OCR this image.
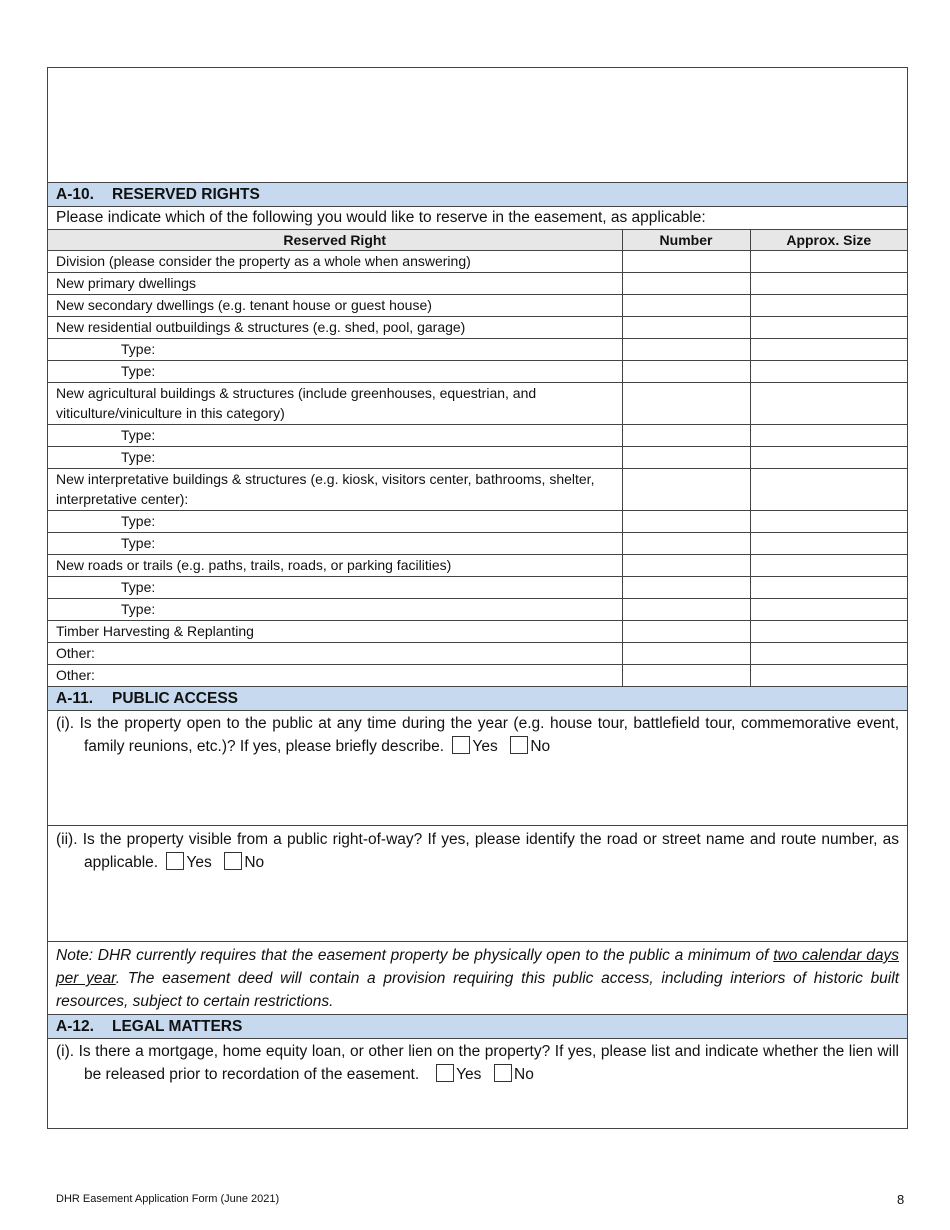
A-10. RESERVED RIGHTS
Please indicate which of the following you would like to reserve in the easement, as applicable:
Reserved Right	Number	Approx. Size
Division (please consider the property as a whole when answering)		
New primary dwellings		
New secondary dwellings (e.g. tenant house or guest house)		
New residential outbuildings & structures (e.g. shed, pool, garage)		
Type:		
Type:		
New agricultural buildings & structures (include greenhouses, equestrian, and viticulture/viniculture in this category)		
Type:		
Type:		
New interpretative buildings & structures (e.g. kiosk, visitors center, bathrooms, shelter, interpretative center):		
Type:		
Type:		
New roads or trails (e.g. paths, trails, roads, or parking facilities)		
Type:		
Type:		
Timber Harvesting & Replanting		
Other:		
Other:		
A-11. PUBLIC ACCESS
(i). Is the property open to the public at any time during the year (e.g. house tour, battlefield tour, commemorative event, family reunions, etc.)? If yes, please briefly describe. Yes No
(ii). Is the property visible from a public right-of-way? If yes, please identify the road or street name and route number, as applicable. Yes No
Note: DHR currently requires that the easement property be physically open to the public a minimum of two calendar days per year. The easement deed will contain a provision requiring this public access, including interiors of historic built resources, subject to certain restrictions.
A-12. LEGAL MATTERS
(i). Is there a mortgage, home equity loan, or other lien on the property? If yes, please list and indicate whether the lien will be released prior to recordation of the easement. Yes No
DHR Easement Application Form (June 2021)	8
